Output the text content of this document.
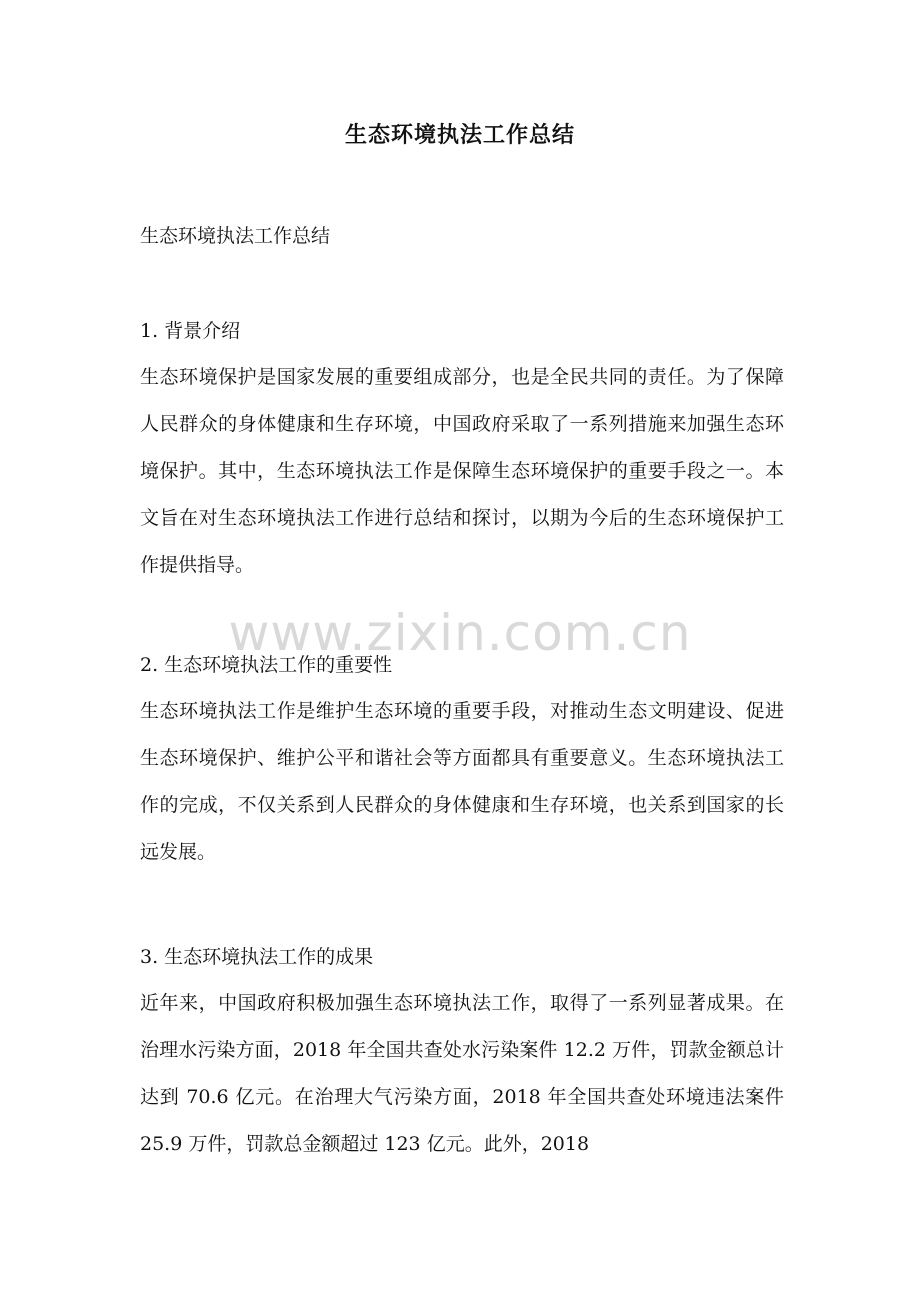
生态环境执法工作总结
生态环境执法工作总结
1. 背景介绍
生态环境保护是国家发展的重要组成部分，也是全民共同的责任。为了保障人民群众的身体健康和生存环境，中国政府采取了一系列措施来加强生态环境保护。其中，生态环境执法工作是保障生态环境保护的重要手段之一。本文旨在对生态环境执法工作进行总结和探讨，以期为今后的生态环境保护工作提供指导。
2. 生态环境执法工作的重要性
生态环境执法工作是维护生态环境的重要手段，对推动生态文明建设、促进生态环境保护、维护公平和谐社会等方面都具有重要意义。生态环境执法工作的完成，不仅关系到人民群众的身体健康和生存环境，也关系到国家的长远发展。
3. 生态环境执法工作的成果
近年来，中国政府积极加强生态环境执法工作，取得了一系列显著成果。在治理水污染方面，2018 年全国共查处水污染案件 12.2 万件，罚款金额总计达到 70.6 亿元。在治理大气污染方面，2018 年全国共查处环境违法案件 25.9 万件，罚款总金额超过 123 亿元。此外，2018
www.zixin.com.cn
